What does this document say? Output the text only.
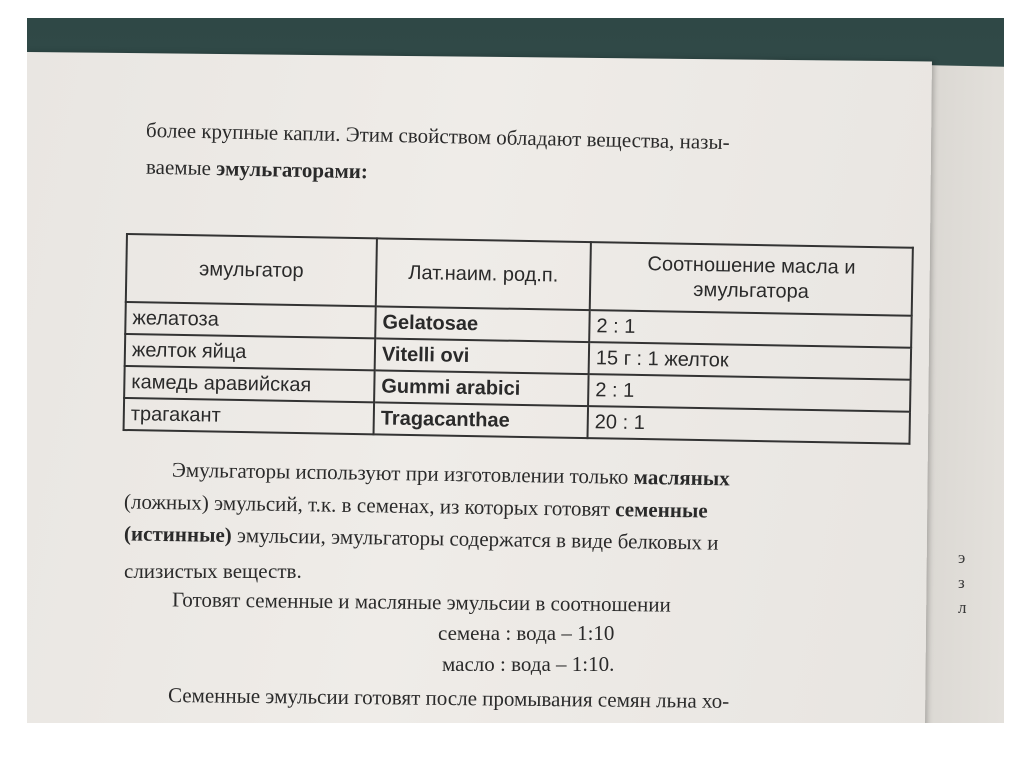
э
з
л
более крупные капли. Этим свойством обладают вещества, назы-
ваемые эмульгаторами:
эмульгатор	Лат.наим. род.п.	Соотношение масла и эмульгатора
желатоза	Gelatosae	2 : 1
желток яйца	Vitelli ovi	15 г : 1 желток
камедь аравийская	Gummi arabici	2 : 1
трагакант	Tragacanthae	20 : 1
Эмульгаторы используют при изготовлении только масляных
(ложных) эмульсий, т.к. в семенах, из которых готовят семенные
(истинные) эмульсии, эмульгаторы содержатся в виде белковых и
слизистых веществ.
Готовят семенные и масляные эмульсии в соотношении
семена : вода – 1:10
масло : вода – 1:10.
Семенные эмульсии готовят после промывания семян льна хо-
